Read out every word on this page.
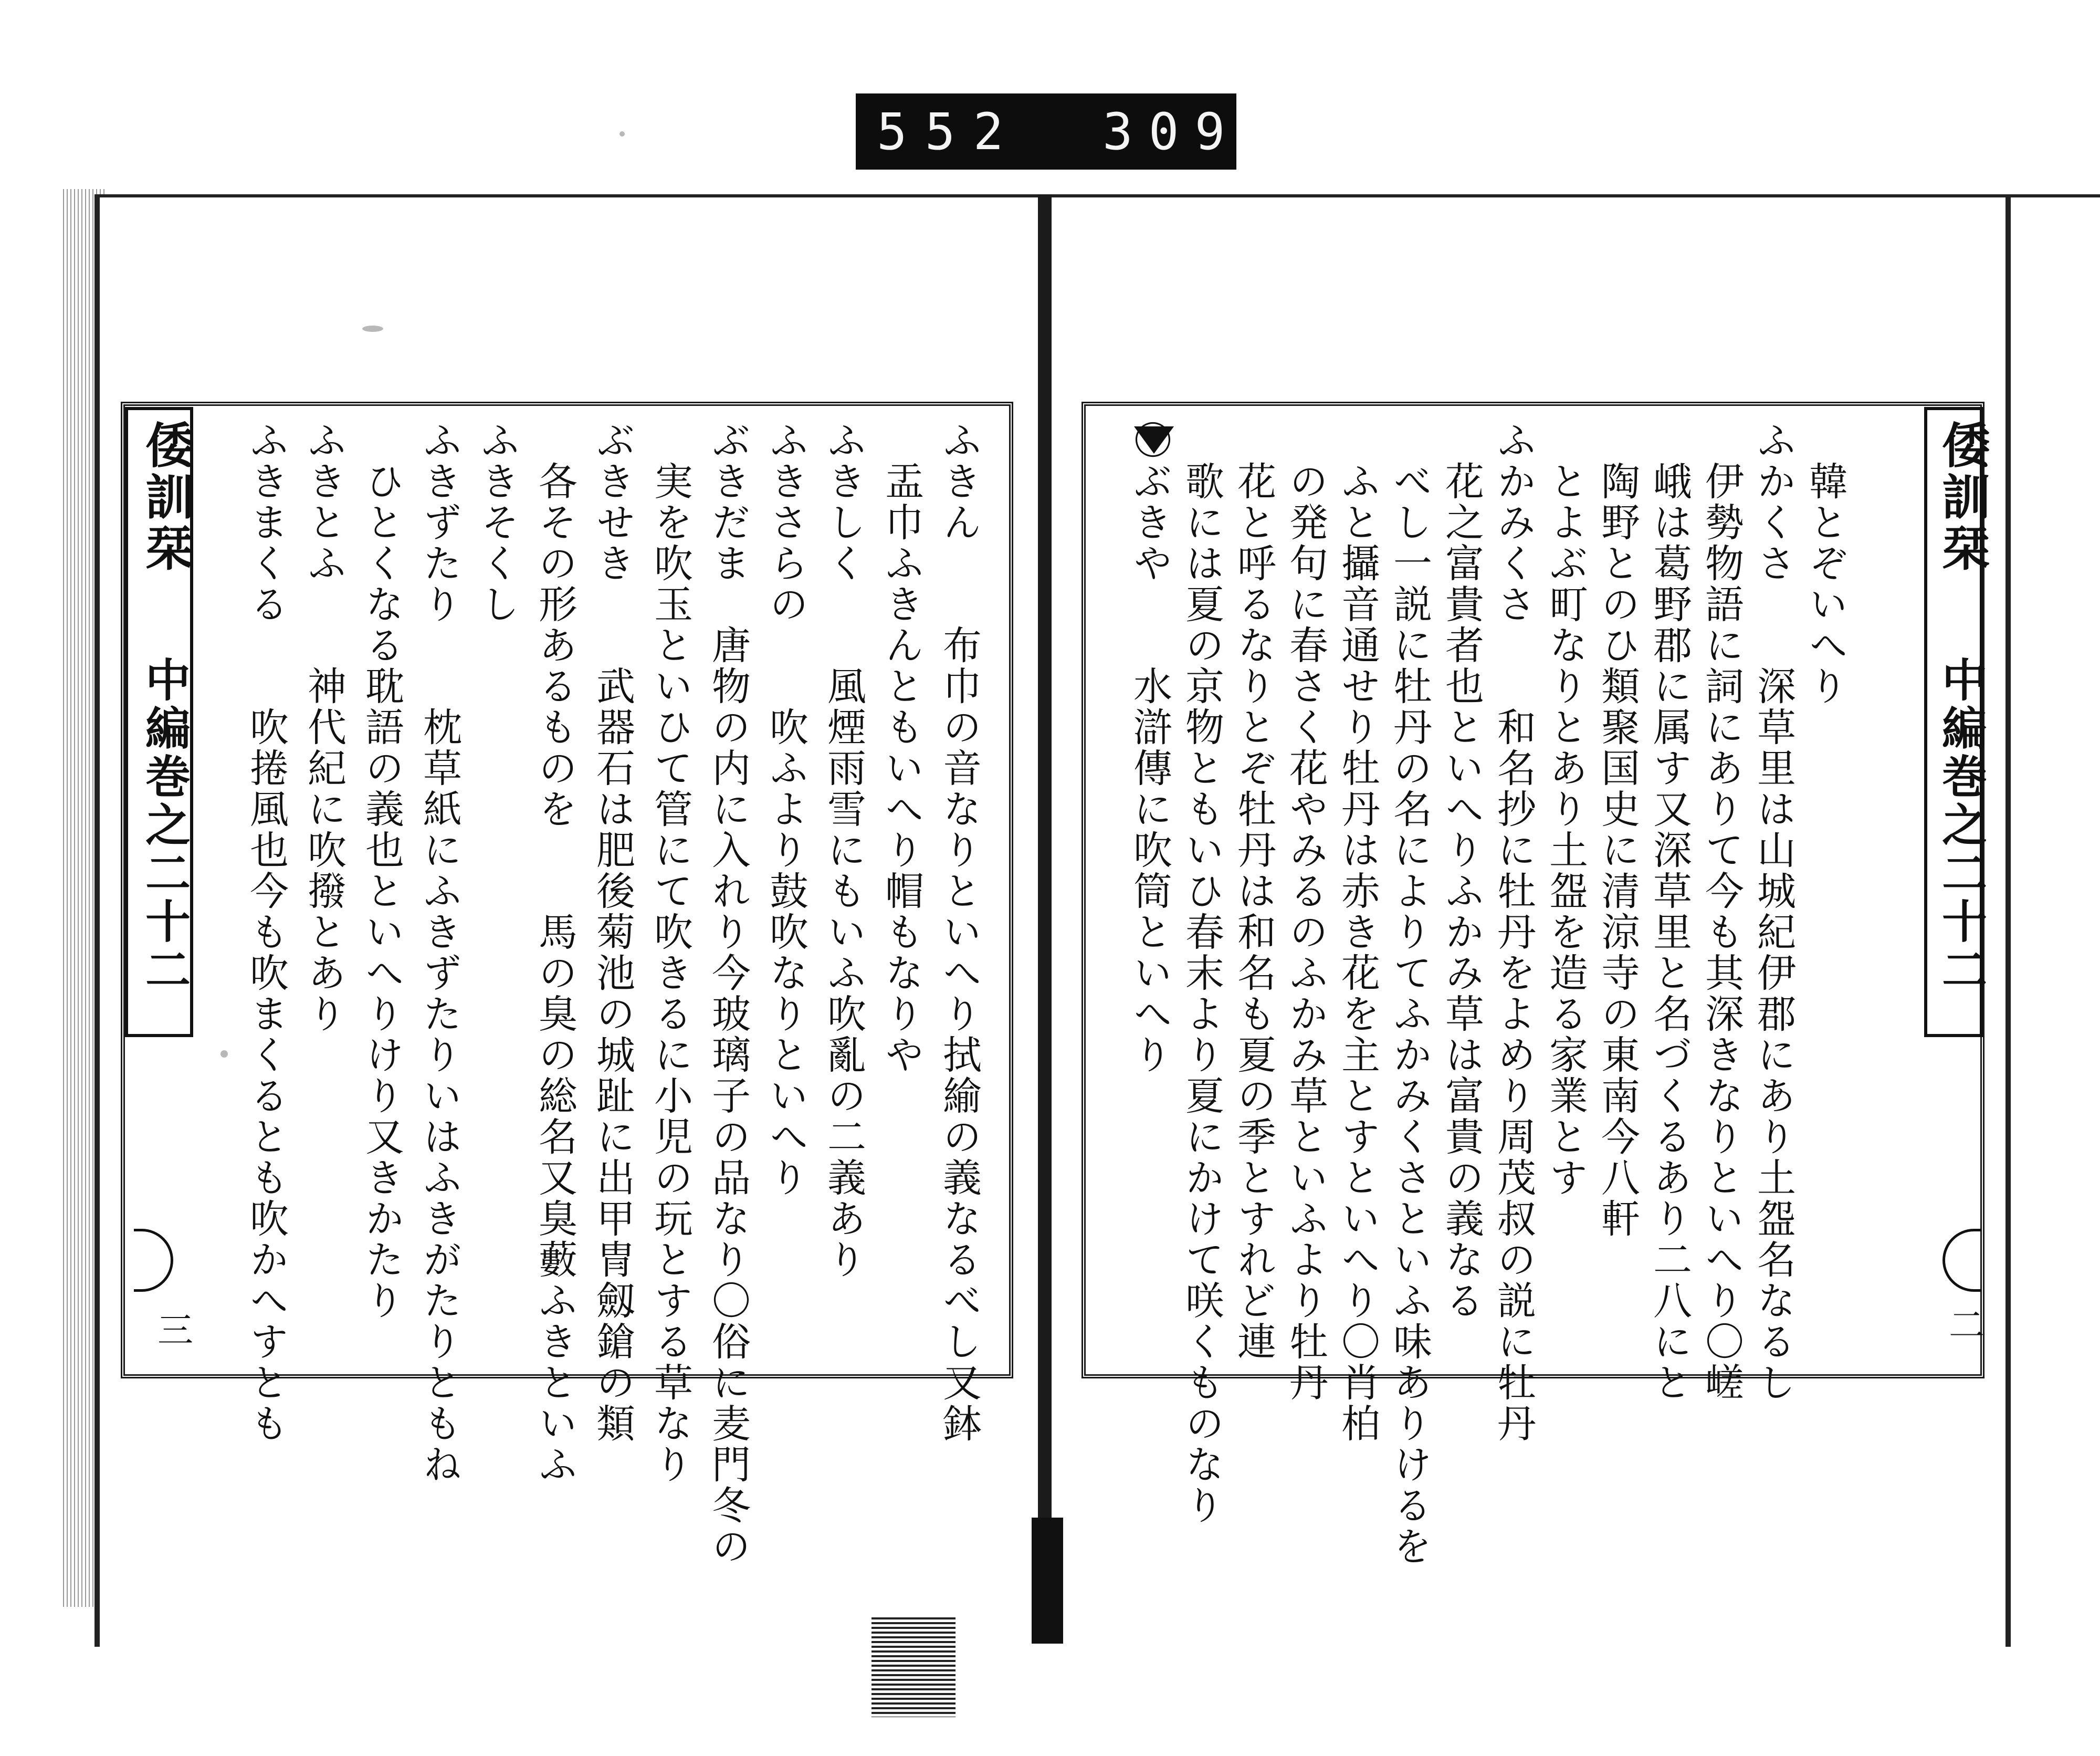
552 309
倭訓栞
中編巻之二十二
三	ふきん　　布巾の音なりといへり拭緰の義なるべし又鉢
　盂巾ふきんともいへり帽もなりや
ふきしく　　風煙雨雪にもいふ吹亂の二義あり
ふきさらの　　吹ふより鼓吹なりといへり
ぶきだま　唐物の内に入れり今玻璃子の品なり〇俗に麦門冬の
　実を吹玉といひて管にて吹きるに小児の玩とする草なり
ぶきせき　　武器石は肥後菊池の城趾に出甲冑劔鎗の類
　各その形あるものを　　馬の臭の総名又臭藪ふきといふ
ふきそくし
ふきずたり　　枕草紙にふきずたりいはふきがたりともね
　ひとくなる耽語の義也といへりけり又きかたり
ふきとふ　　神代紀に吹撥とあり
ふきまくる　　吹捲風也今も吹まくるとも吹かへすとも	倭訓栞
中編巻之二十二
二
　韓とぞいへり
ふかくさ　　深草里は山城紀伊郡にあり土盌名なるし
　伊勢物語に詞にありて今も其深きなりといへり〇嵯
　峨は葛野郡に属す又深草里と名づくるあり二八にと
　陶野とのひ類聚国史に清涼寺の東南今八軒
　とよぶ町なりとあり土盌を造る家業とす
ふかみくさ　　和名抄に牡丹をよめり周茂叔の説に牡丹
　花之富貴者也といへりふかみ草は富貴の義なる
　べし一説に牡丹の名によりてふかみくさといふ味ありけるを
　ふと攝音通せり牡丹は赤き花を主とすといへり〇肖柏
　の発句に春さく花やみるのふかみ草といふより牡丹
　花と呼るなりとぞ牡丹は和名も夏の季とすれど連
　歌には夏の京物ともいひ春末より夏にかけて咲くものなり
〇ぶきや　　水滸傳に吹筒といへり
